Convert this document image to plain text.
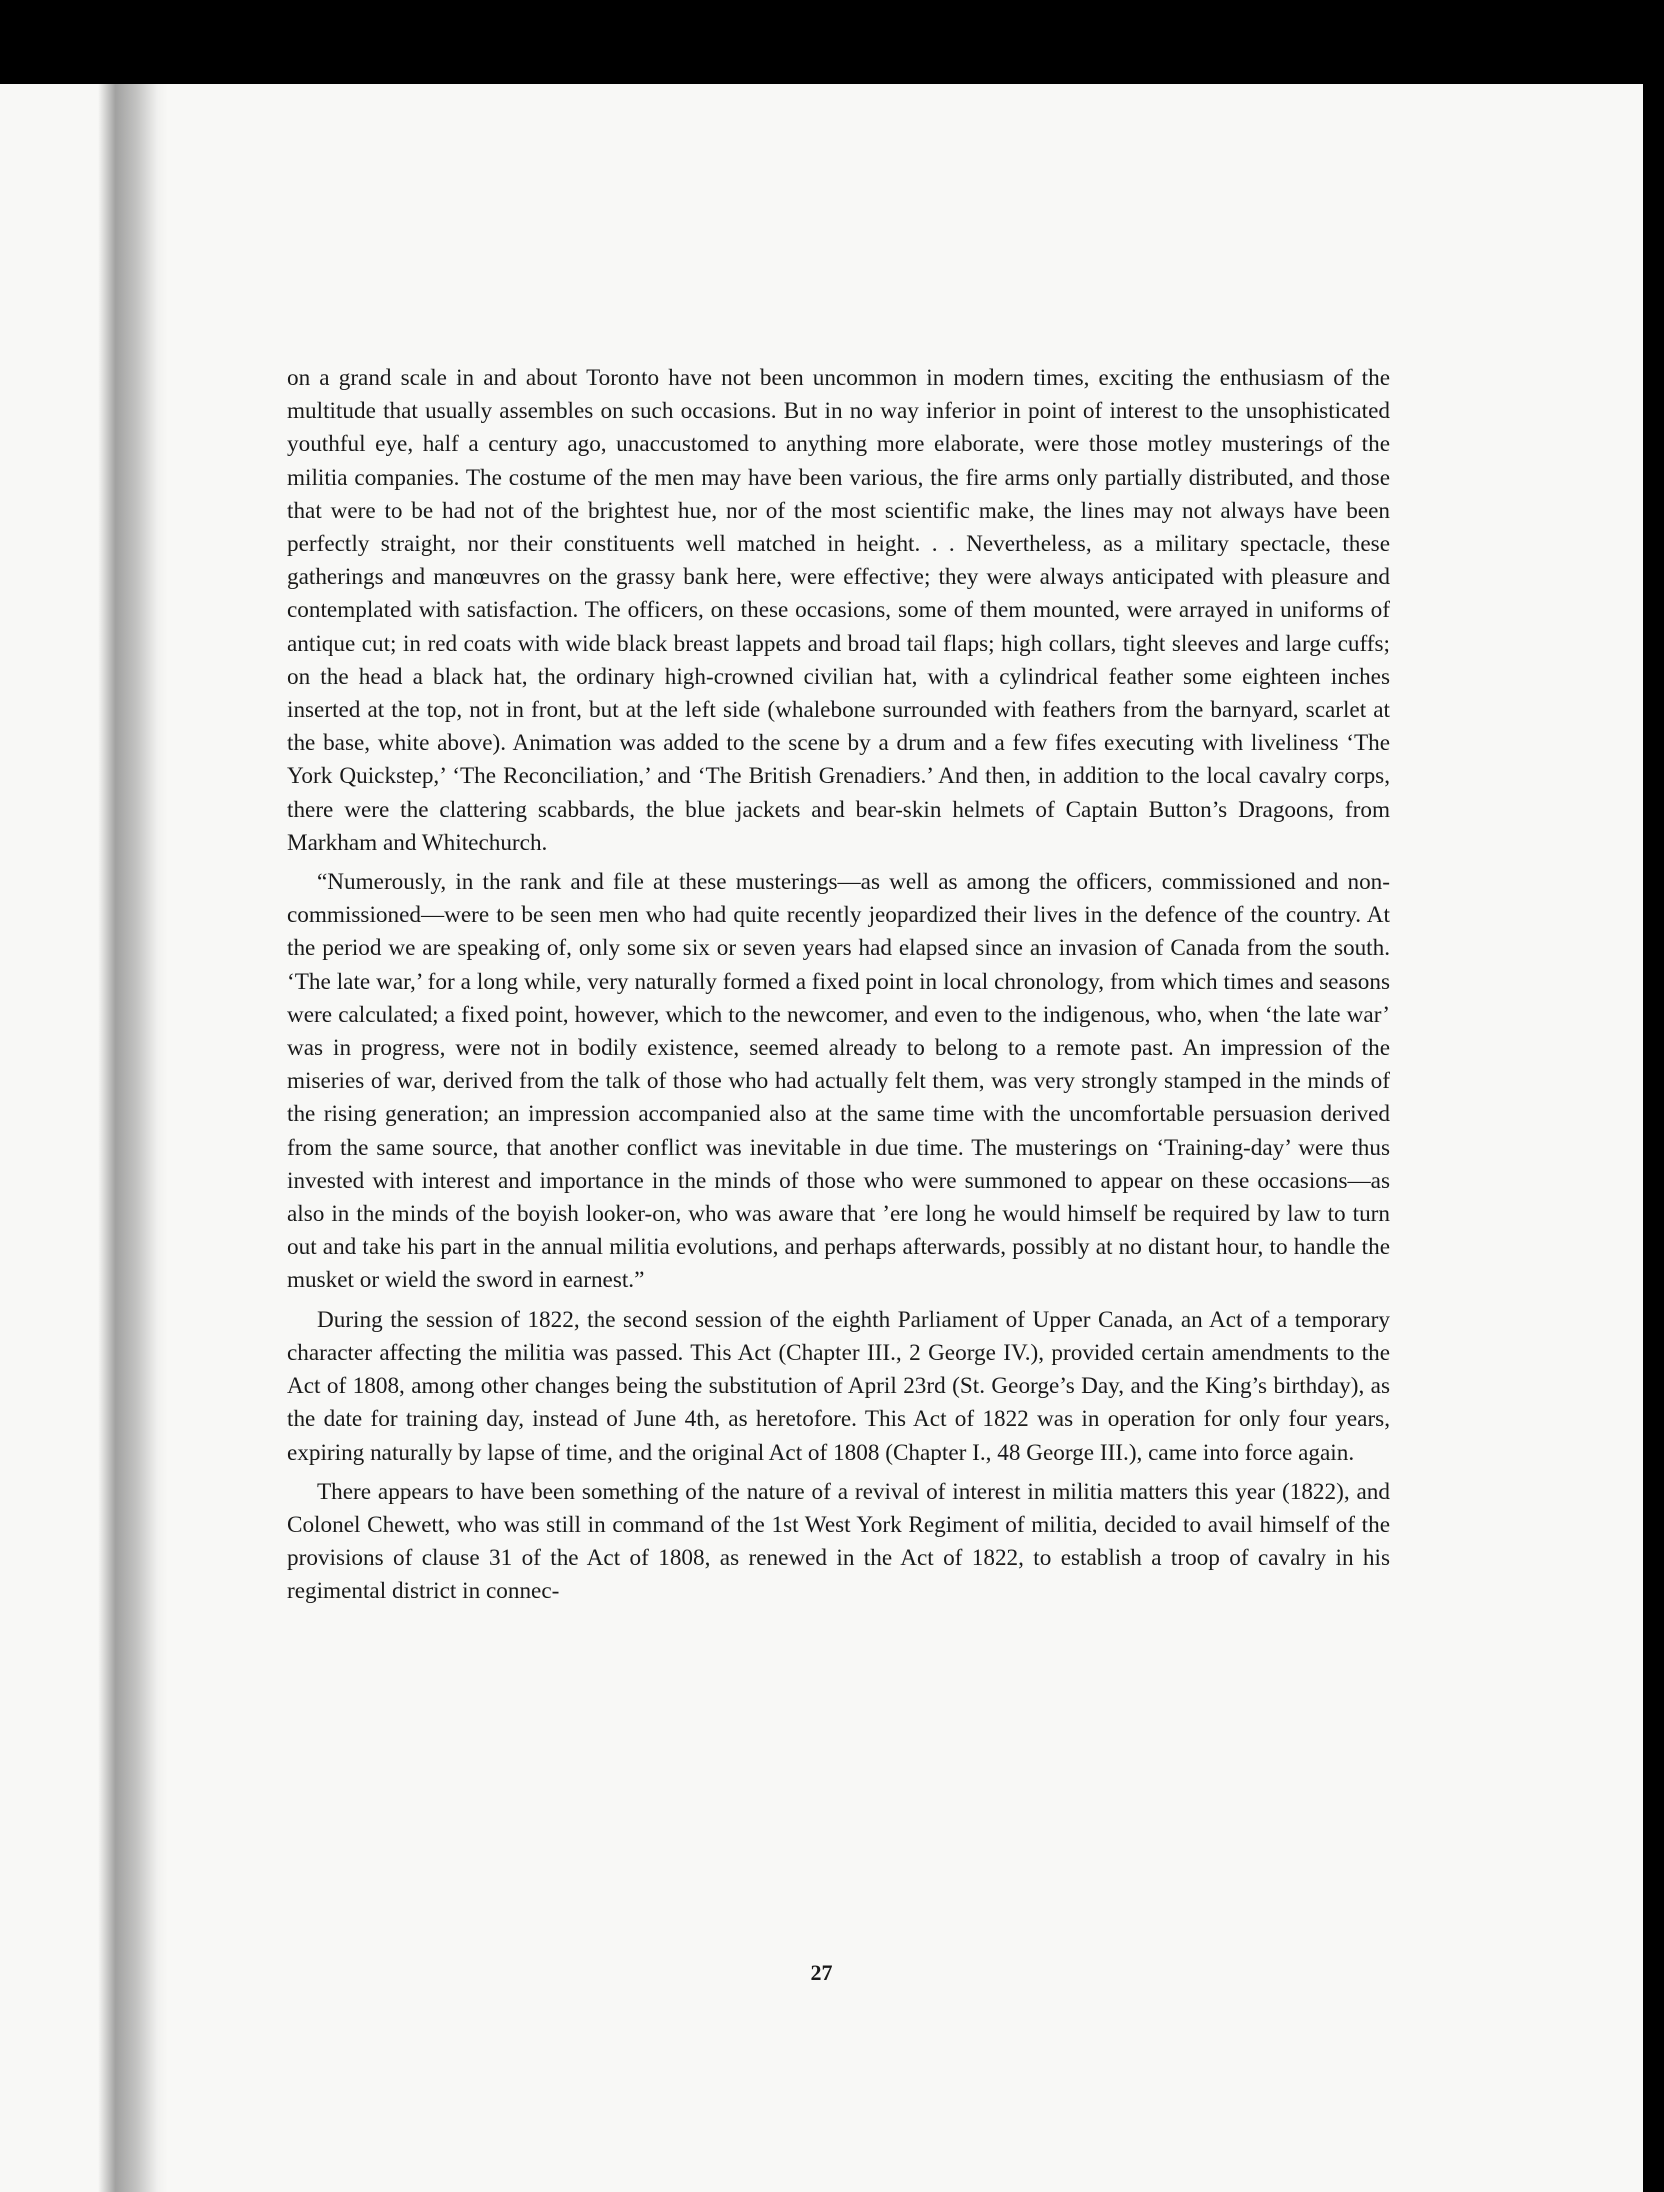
on a grand scale in and about Toronto have not been uncommon in modern times, exciting the enthusiasm of the multitude that usually assembles on such occasions. But in no way inferior in point of interest to the unsophisticated youthful eye, half a century ago, unaccustomed to anything more elaborate, were those motley musterings of the militia companies. The costume of the men may have been various, the fire arms only partially distributed, and those that were to be had not of the brightest hue, nor of the most scientific make, the lines may not always have been perfectly straight, nor their constituents well matched in height. . . Nevertheless, as a military spectacle, these gatherings and manœuvres on the grassy bank here, were effective; they were always anticipated with pleasure and contemplated with satisfaction. The officers, on these occasions, some of them mounted, were arrayed in uniforms of antique cut; in red coats with wide black breast lappets and broad tail flaps; high collars, tight sleeves and large cuffs; on the head a black hat, the ordinary high-crowned civilian hat, with a cylindrical feather some eighteen inches inserted at the top, not in front, but at the left side (whalebone surrounded with feathers from the barnyard, scarlet at the base, white above). Animation was added to the scene by a drum and a few fifes executing with liveliness ‘The York Quickstep,’ ‘The Reconciliation,’ and ‘The British Grenadiers.’ And then, in addition to the local cavalry corps, there were the clattering scabbards, the blue jackets and bear-skin helmets of Captain Button’s Dragoons, from Markham and Whitechurch.

“Numerously, in the rank and file at these musterings—as well as among the officers, commissioned and non-commissioned—were to be seen men who had quite recently jeopardized their lives in the defence of the country. At the period we are speaking of, only some six or seven years had elapsed since an invasion of Canada from the south. ‘The late war,’ for a long while, very naturally formed a fixed point in local chronology, from which times and seasons were calculated; a fixed point, however, which to the newcomer, and even to the indigenous, who, when ‘the late war’ was in progress, were not in bodily existence, seemed already to belong to a remote past. An impression of the miseries of war, derived from the talk of those who had actually felt them, was very strongly stamped in the minds of the rising generation; an impression accompanied also at the same time with the uncomfortable persuasion derived from the same source, that another conflict was inevitable in due time. The musterings on ‘Training-day’ were thus invested with interest and importance in the minds of those who were summoned to appear on these occasions—as also in the minds of the boyish looker-on, who was aware that ’ere long he would himself be required by law to turn out and take his part in the annual militia evolutions, and perhaps afterwards, possibly at no distant hour, to handle the musket or wield the sword in earnest.”

During the session of 1822, the second session of the eighth Parliament of Upper Canada, an Act of a temporary character affecting the militia was passed. This Act (Chapter III., 2 George IV.), provided certain amendments to the Act of 1808, among other changes being the substitution of April 23rd (St. George’s Day, and the King’s birthday), as the date for training day, instead of June 4th, as heretofore. This Act of 1822 was in operation for only four years, expiring naturally by lapse of time, and the original Act of 1808 (Chapter I., 48 George III.), came into force again.

There appears to have been something of the nature of a revival of interest in militia matters this year (1822), and Colonel Chewett, who was still in command of the 1st West York Regiment of militia, decided to avail himself of the provisions of clause 31 of the Act of 1808, as renewed in the Act of 1822, to establish a troop of cavalry in his regimental district in connec-

27
